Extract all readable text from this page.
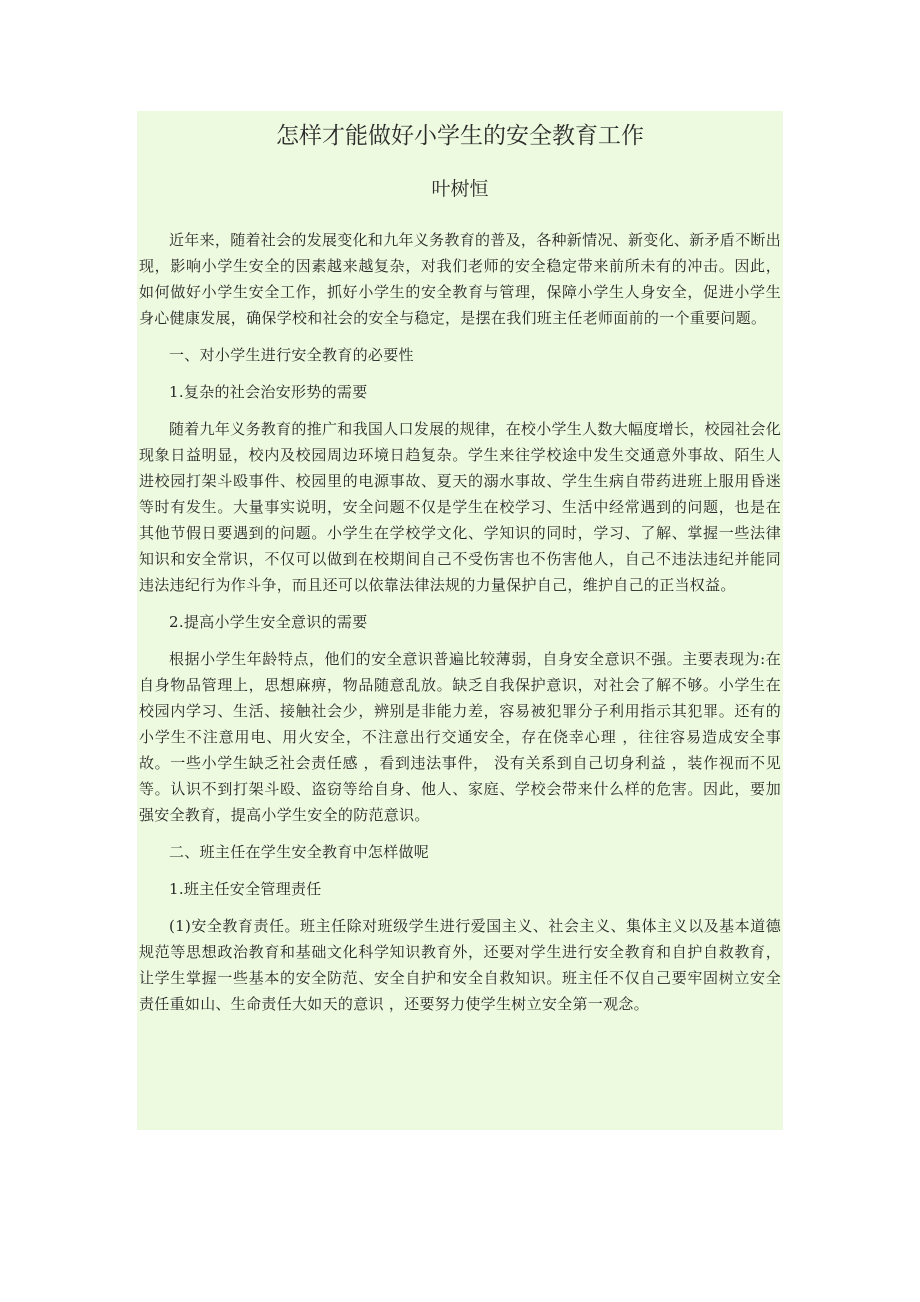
怎样才能做好小学生的安全教育工作
叶树恒

近年来，随着社会的发展变化和九年义务教育的普及，各种新情况、新变化、新矛盾不断出现，影响小学生安全的因素越来越复杂，对我们老师的安全稳定带来前所未有的冲击。因此，如何做好小学生安全工作，抓好小学生的安全教育与管理，保障小学生人身安全，促进小学生身心健康发展，确保学校和社会的安全与稳定，是摆在我们班主任老师面前的一个重要问题。

一、对小学生进行安全教育的必要性

1.复杂的社会治安形势的需要

随着九年义务教育的推广和我国人口发展的规律，在校小学生人数大幅度增长，校园社会化现象日益明显，校内及校园周边环境日趋复杂。学生来往学校途中发生交通意外事故、陌生人进校园打架斗殴事件、校园里的电源事故、夏天的溺水事故、学生生病自带药进班上服用昏迷等时有发生。大量事实说明，安全问题不仅是学生在校学习、生活中经常遇到的问题，也是在其他节假日要遇到的问题。小学生在学校学文化、学知识的同时，学习、了解、掌握一些法律知识和安全常识，不仅可以做到在校期间自己不受伤害也不伤害他人，自己不违法违纪并能同违法违纪行为作斗争，而且还可以依靠法律法规的力量保护自己，维护自己的正当权益。

2.提高小学生安全意识的需要

根据小学生年龄特点，他们的安全意识普遍比较薄弱，自身安全意识不强。主要表现为:在自身物品管理上，思想麻痹，物品随意乱放。缺乏自我保护意识，对社会了解不够。小学生在校园内学习、生活、接触社会少，辨别是非能力差，容易被犯罪分子利用指示其犯罪。还有的小学生不注意用电、用火安全，不注意出行交通安全，存在侥幸心理 ，往往容易造成安全事故。一些小学生缺乏社会责任感 ，看到违法事件， 没有关系到自己切身利益 ，装作视而不见等。认识不到打架斗殴、盗窃等给自身、他人、家庭、学校会带来什么样的危害。因此，要加强安全教育，提高小学生安全的防范意识。

二、班主任在学生安全教育中怎样做呢

1.班主任安全管理责任

(1)安全教育责任。班主任除对班级学生进行爱国主义、社会主义、集体主义以及基本道德规范等思想政治教育和基础文化科学知识教育外，还要对学生进行安全教育和自护自救教育，让学生掌握一些基本的安全防范、安全自护和安全自救知识。班主任不仅自己要牢固树立安全责任重如山、生命责任大如天的意识 ，还要努力使学生树立安全第一观念。
